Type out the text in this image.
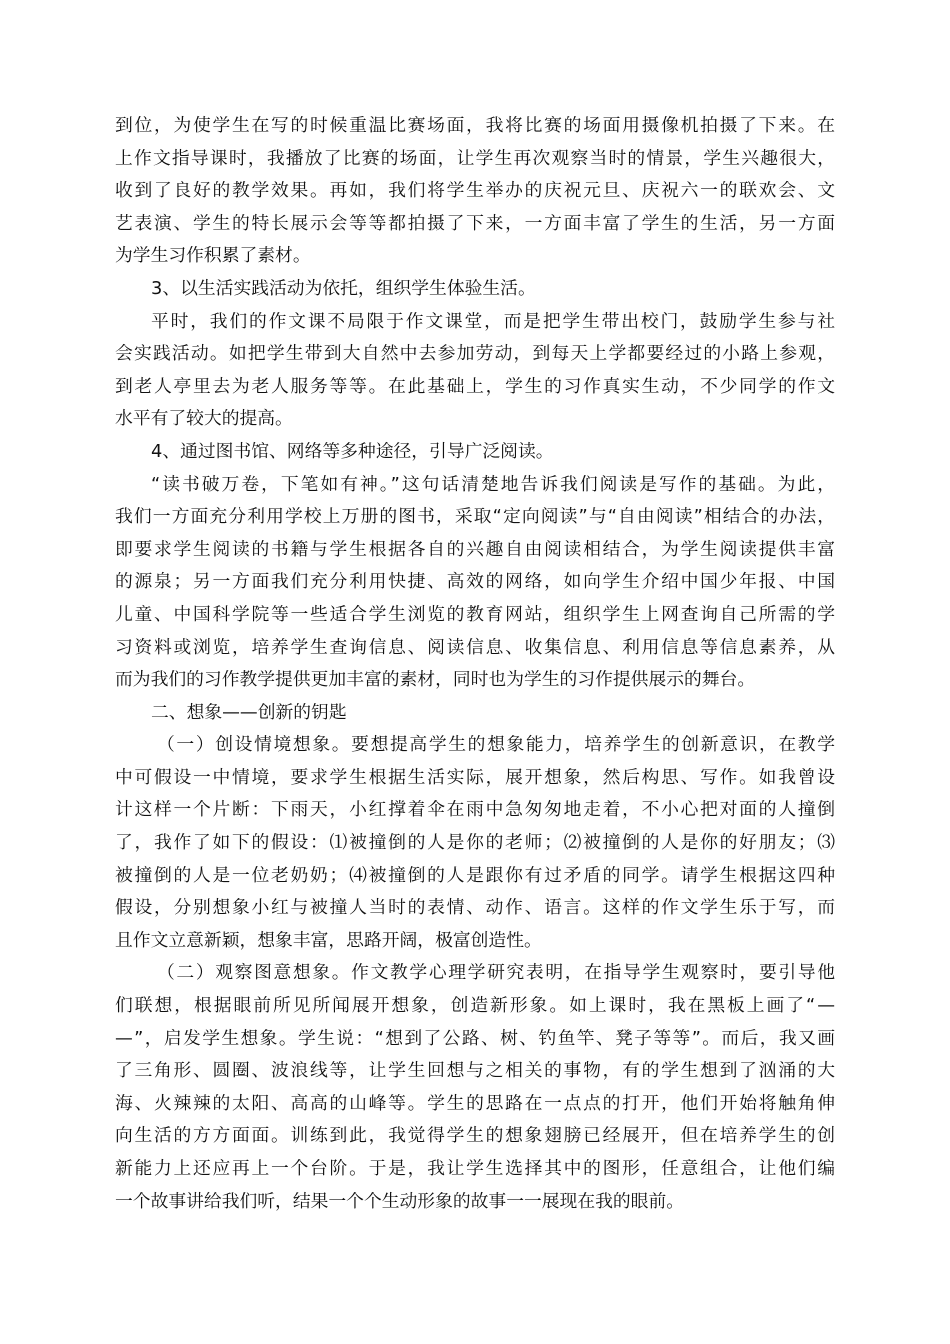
到位，为使学生在写的时候重温比赛场面，我将比赛的场面用摄像机拍摄了下来。在
上作文指导课时，我播放了比赛的场面，让学生再次观察当时的情景，学生兴趣很大，
收到了良好的教学效果。再如，我们将学生举办的庆祝元旦、庆祝六一的联欢会、文
艺表演、学生的特长展示会等等都拍摄了下来，一方面丰富了学生的生活，另一方面
为学生习作积累了素材。
3、以生活实践活动为依托，组织学生体验生活。
平时，我们的作文课不局限于作文课堂，而是把学生带出校门，鼓励学生参与社
会实践活动。如把学生带到大自然中去参加劳动，到每天上学都要经过的小路上参观，
到老人亭里去为老人服务等等。在此基础上，学生的习作真实生动，不少同学的作文
水平有了较大的提高。
4、通过图书馆、网络等多种途径，引导广泛阅读。
“读书破万卷，下笔如有神。”这句话清楚地告诉我们阅读是写作的基础。为此，
我们一方面充分利用学校上万册的图书，采取“定向阅读”与“自由阅读”相结合的办法，
即要求学生阅读的书籍与学生根据各自的兴趣自由阅读相结合，为学生阅读提供丰富
的源泉；另一方面我们充分利用快捷、高效的网络，如向学生介绍中国少年报、中国
儿童、中国科学院等一些适合学生浏览的教育网站，组织学生上网查询自己所需的学
习资料或浏览，培养学生查询信息、阅读信息、收集信息、利用信息等信息素养，从
而为我们的习作教学提供更加丰富的素材，同时也为学生的习作提供展示的舞台。
二、想象——创新的钥匙
（一）创设情境想象。要想提高学生的想象能力，培养学生的创新意识，在教学
中可假设一中情境，要求学生根据生活实际，展开想象，然后构思、写作。如我曾设
计这样一个片断：下雨天，小红撑着伞在雨中急匆匆地走着，不小心把对面的人撞倒
了，我作了如下的假设：⑴被撞倒的人是你的老师；⑵被撞倒的人是你的好朋友；⑶
被撞倒的人是一位老奶奶；⑷被撞倒的人是跟你有过矛盾的同学。请学生根据这四种
假设，分别想象小红与被撞人当时的表情、动作、语言。这样的作文学生乐于写，而
且作文立意新颖，想象丰富，思路开阔，极富创造性。
（二）观察图意想象。作文教学心理学研究表明，在指导学生观察时，要引导他
们联想，根据眼前所见所闻展开想象，创造新形象。如上课时，我在黑板上画了“—
—”，启发学生想象。学生说：“想到了公路、树、钓鱼竿、凳子等等”。而后，我又画
了三角形、圆圈、波浪线等，让学生回想与之相关的事物，有的学生想到了汹涌的大
海、火辣辣的太阳、高高的山峰等。学生的思路在一点点的打开，他们开始将触角伸
向生活的方方面面。训练到此，我觉得学生的想象翅膀已经展开，但在培养学生的创
新能力上还应再上一个台阶。于是，我让学生选择其中的图形，任意组合，让他们编
一个故事讲给我们听，结果一个个生动形象的故事一一展现在我的眼前。
